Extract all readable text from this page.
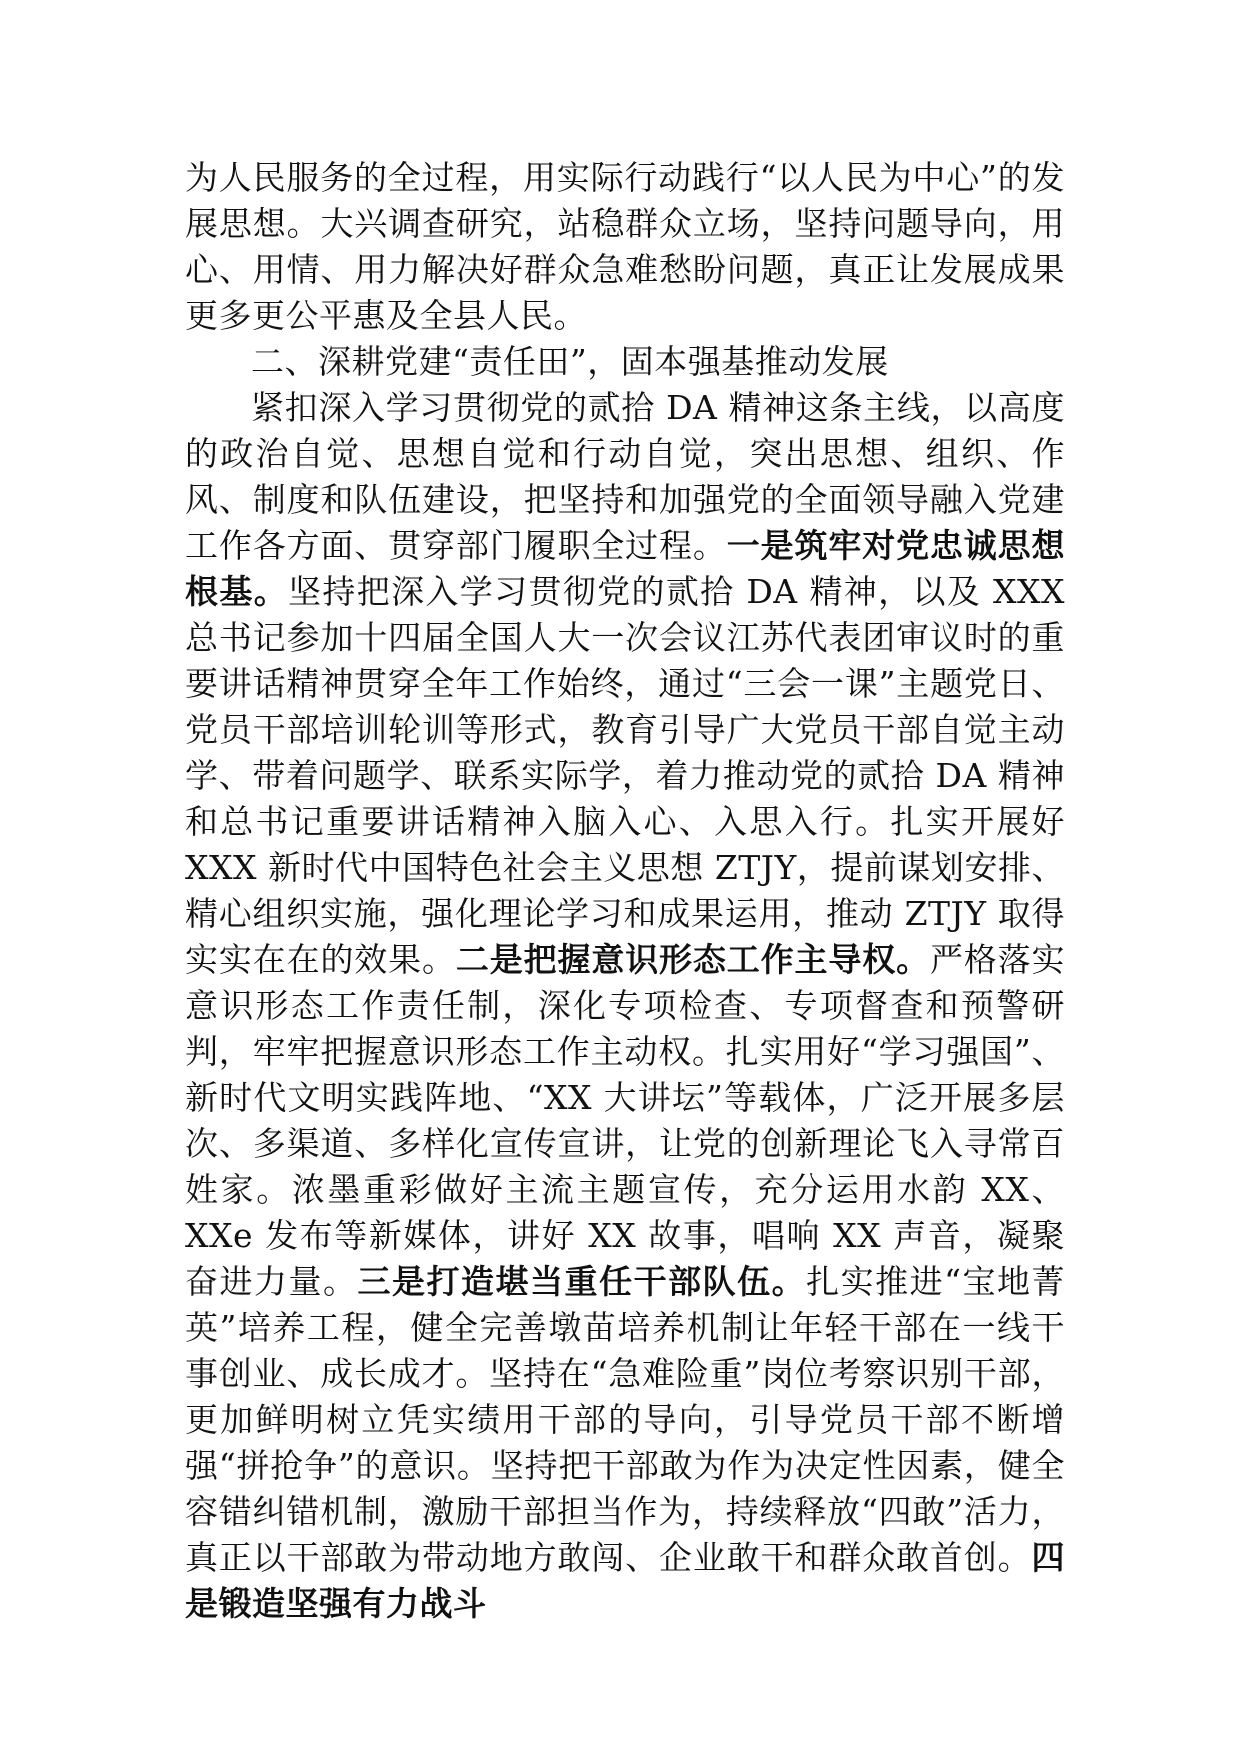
为人民服务的全过程，用实际行动践行“以人民为中心”的发展思想。大兴调查研究，站稳群众立场，坚持问题导向，用心、用情、用力解决好群众急难愁盼问题，真正让发展成果更多更公平惠及全县人民。

二、深耕党建“责任田”，固本强基推动发展

紧扣深入学习贯彻党的贰拾 DA 精神这条主线，以高度的政治自觉、思想自觉和行动自觉，突出思想、组织、作风、制度和队伍建设，把坚持和加强党的全面领导融入党建工作各方面、贯穿部门履职全过程。一是筑牢对党忠诚思想根基。坚持把深入学习贯彻党的贰拾 DA 精神，以及 XXX 总书记参加十四届全国人大一次会议江苏代表团审议时的重要讲话精神贯穿全年工作始终，通过“三会一课”主题党日、党员干部培训轮训等形式，教育引导广大党员干部自觉主动学、带着问题学、联系实际学，着力推动党的贰拾 DA 精神和总书记重要讲话精神入脑入心、入思入行。扎实开展好 XXX 新时代中国特色社会主义思想 ZTJY，提前谋划安排、精心组织实施，强化理论学习和成果运用，推动 ZTJY 取得实实在在的效果。二是把握意识形态工作主导权。严格落实意识形态工作责任制，深化专项检查、专项督查和预警研判，牢牢把握意识形态工作主动权。扎实用好“学习强国”、新时代文明实践阵地、“XX 大讲坛”等载体，广泛开展多层次、多渠道、多样化宣传宣讲，让党的创新理论飞入寻常百姓家。浓墨重彩做好主流主题宣传，充分运用水韵 XX、XXe 发布等新媒体，讲好 XX 故事，唱响 XX 声音，凝聚奋进力量。三是打造堪当重任干部队伍。扎实推进“宝地菁英”培养工程，健全完善墩苗培养机制让年轻干部在一线干事创业、成长成才。坚持在“急难险重”岗位考察识别干部，更加鲜明树立凭实绩用干部的导向，引导党员干部不断增强“拼抢争”的意识。坚持把干部敢为作为决定性因素，健全容错纠错机制，激励干部担当作为，持续释放“四敢”活力，真正以干部敢为带动地方敢闯、企业敢干和群众敢首创。四是锻造坚强有力战斗
